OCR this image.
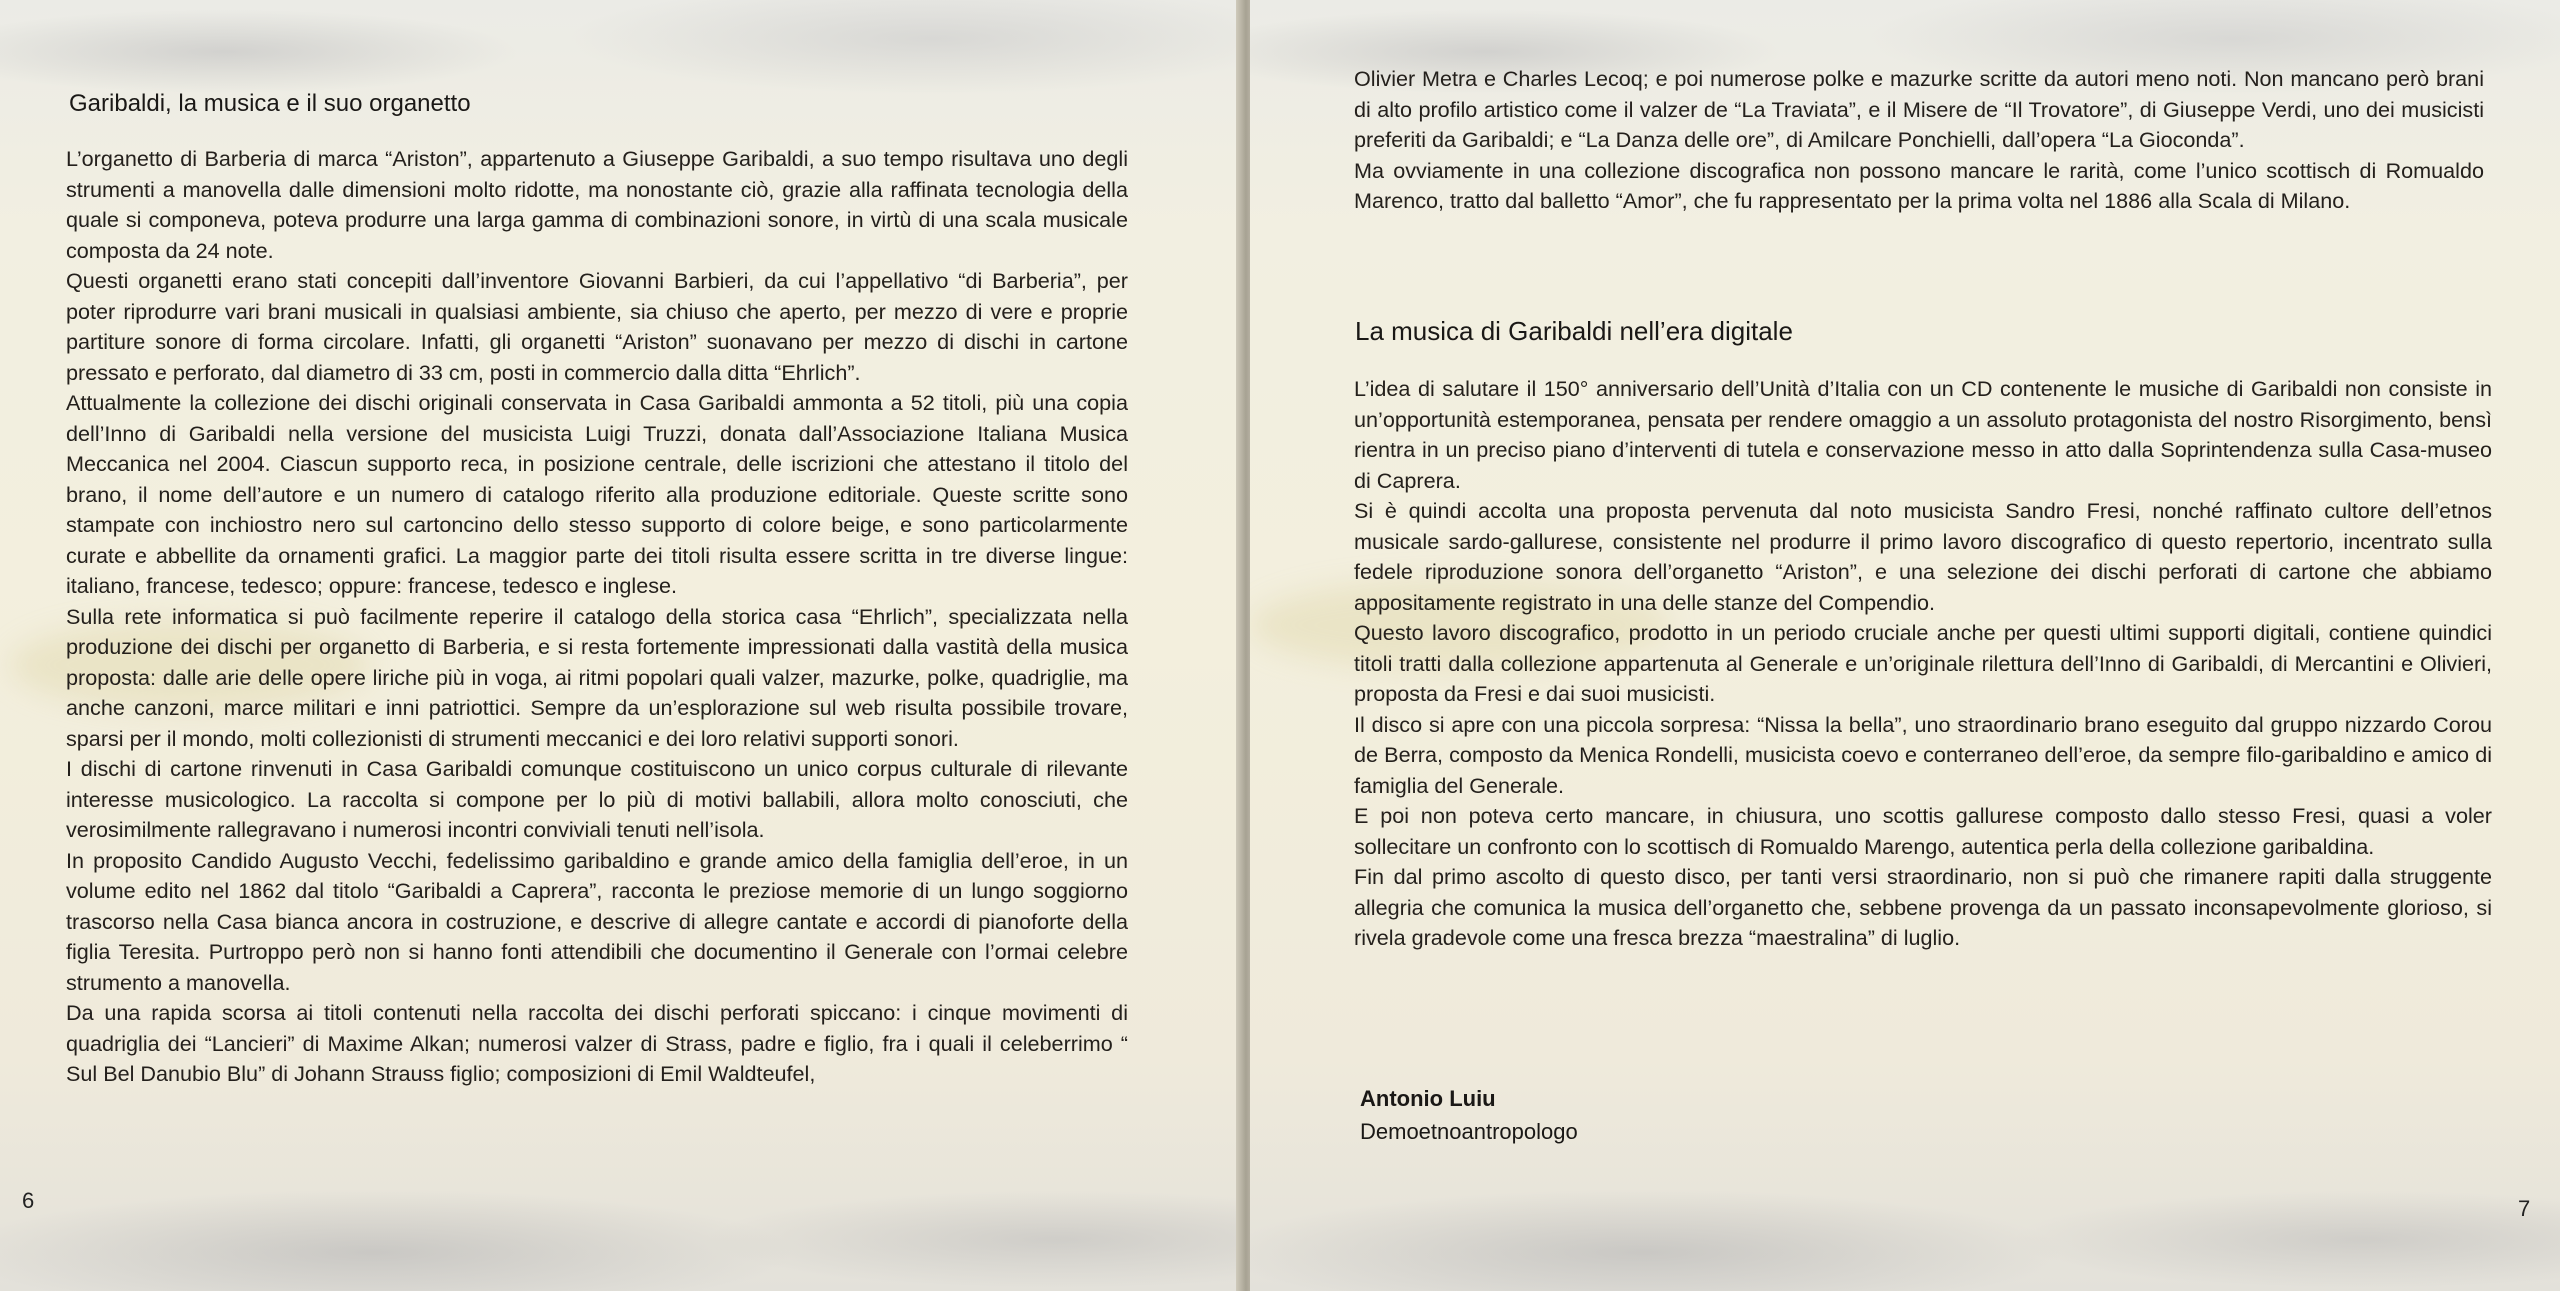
Garibaldi, la musica e il suo organetto

L’organetto di Barberia di marca “Ariston”, appartenuto a Giuseppe Garibaldi, a suo tempo risultava uno degli strumenti a manovella dalle dimensioni molto ridotte, ma nonostante ciò, grazie alla raffinata tecnologia della quale si componeva, poteva produrre una larga gamma di combinazioni sonore, in virtù di una scala musicale composta da 24 note.

Questi organetti erano stati concepiti dall’inventore Giovanni Barbieri, da cui l’appellativo “di Barberia”, per poter riprodurre vari brani musicali in qualsiasi ambiente, sia chiuso che aperto, per mezzo di vere e proprie partiture sonore di forma circolare. Infatti, gli organetti “Ariston” suonavano per mezzo di dischi in cartone pressato e perforato, dal diametro di 33 cm, posti in commercio dalla ditta “Ehrlich”.

Attualmente la collezione dei dischi originali conservata in Casa Garibaldi ammonta a 52 titoli, più una copia dell’Inno di Garibaldi nella versione del musicista Luigi Truzzi, donata dall’Associazione Italiana Musica Meccanica nel 2004. Ciascun supporto reca, in posizione centrale, delle iscrizioni che attestano il titolo del brano, il nome dell’autore e un numero di catalogo riferito alla produzione editoriale. Queste scritte sono stampate con inchiostro nero sul cartoncino dello stesso supporto di colore beige, e sono particolarmente curate e abbellite da ornamenti grafici. La maggior parte dei titoli risulta essere scritta in tre diverse lingue: italiano, francese, tedesco; oppure: francese, tedesco e inglese.

Sulla rete informatica si può facilmente reperire il catalogo della storica casa “Ehrlich”, specializzata nella produzione dei dischi per organetto di Barberia, e si resta fortemente impressionati dalla vastità della musica proposta: dalle arie delle opere liriche più in voga, ai ritmi popolari quali valzer, mazurke, polke, quadriglie, ma anche canzoni, marce militari e inni patriottici. Sempre da un’esplorazione sul web risulta possibile trovare, sparsi per il mondo, molti collezionisti di strumenti meccanici e dei loro relativi supporti sonori.

I dischi di cartone rinvenuti in Casa Garibaldi comunque costituiscono un unico corpus culturale di rilevante interesse musicologico. La raccolta si compone per lo più di motivi ballabili, allora molto conosciuti, che verosimilmente rallegravano i numerosi incontri conviviali tenuti nell’isola.

In proposito Candido Augusto Vecchi, fedelissimo garibaldino e grande amico della famiglia dell’eroe, in un volume edito nel 1862 dal titolo “Garibaldi a Caprera”, racconta le preziose memorie di un lungo soggiorno trascorso nella Casa bianca ancora in costruzione, e descrive di allegre cantate e accordi di pianoforte della figlia Teresita. Purtroppo però non si hanno fonti attendibili che documentino il Generale con l’ormai celebre strumento a manovella.

Da una rapida scorsa ai titoli contenuti nella raccolta dei dischi perforati spiccano: i cinque movimenti di quadriglia dei “Lancieri” di Maxime Alkan; numerosi valzer di Strass, padre e figlio, fra i quali il celeberrimo “ Sul Bel Danubio Blu” di Johann Strauss figlio; composizioni di Emil Waldteufel,

6

Olivier Metra e Charles Lecoq; e poi numerose polke e mazurke scritte da autori meno noti. Non mancano però brani di alto profilo artistico come il valzer de “La Traviata”, e il Misere de “Il Trovatore”, di Giuseppe Verdi, uno dei musicisti preferiti da Garibaldi; e “La Danza delle ore”, di Amilcare Ponchielli, dall’opera “La Gioconda”.

Ma ovviamente in una collezione discografica non possono mancare le rarità, come l’unico scottisch di Romualdo Marenco, tratto dal balletto “Amor”, che fu rappresentato per la prima volta nel 1886 alla Scala di Milano.

La musica di Garibaldi nell’era digitale

L’idea di salutare il 150° anniversario dell’Unità d’Italia con un CD contenente le musiche di Garibaldi non consiste in un’opportunità estemporanea, pensata per rendere omaggio a un assoluto protagonista del nostro Risorgimento, bensì rientra in un preciso piano d’interventi di tutela e conservazione messo in atto dalla Soprintendenza sulla Casa-museo di Caprera.

Si è quindi accolta una proposta pervenuta dal noto musicista Sandro Fresi, nonché raffinato cultore dell’etnos musicale sardo-gallurese, consistente nel produrre il primo lavoro discografico di questo repertorio, incentrato sulla fedele riproduzione sonora dell’organetto “Ariston”, e una selezione dei dischi perforati di cartone che abbiamo appositamente registrato in una delle stanze del Compendio.

Questo lavoro discografico, prodotto in un periodo cruciale anche per questi ultimi supporti digitali, contiene quindici titoli tratti dalla collezione appartenuta al Generale e un’originale rilettura dell’Inno di Garibaldi, di Mercantini e Olivieri, proposta da Fresi e dai suoi musicisti.

Il disco si apre con una piccola sorpresa: “Nissa la bella”, uno straordinario brano eseguito dal gruppo nizzardo Corou de Berra, composto da Menica Rondelli, musicista coevo e conterraneo dell’eroe, da sempre filo-garibaldino e amico di famiglia del Generale.

E poi non poteva certo mancare, in chiusura, uno scottis gallurese composto dallo stesso Fresi, quasi a voler sollecitare un confronto con lo scottisch di Romualdo Marengo, autentica perla della collezione garibaldina.

Fin dal primo ascolto di questo disco, per tanti versi straordinario, non si può che rimanere rapiti dalla struggente allegria che comunica la musica dell’organetto che, sebbene provenga da un passato inconsapevolmente glorioso, si rivela gradevole come una fresca brezza “maestralina” di luglio.

Antonio Luiu
Demoetnoantropologo
7
